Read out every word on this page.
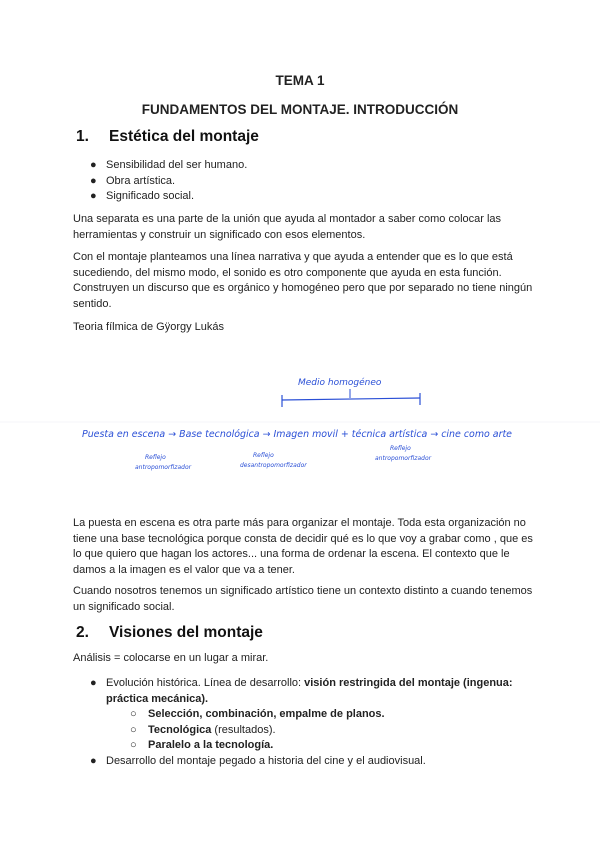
TEMA 1
FUNDAMENTOS DEL MONTAJE. INTRODUCCIÓN
1. Estética del montaje
● Sensibilidad del ser humano.
● Obra artística.
● Significado social.

Una separata es una parte de la unión que ayuda al montador a saber como colocar las herramientas y construir un significado con esos elementos.

Con el montaje planteamos una línea narrativa y que ayuda a entender que es lo que está sucediendo, del mismo modo, el sonido es otro componente que ayuda en esta función. Construyen un discurso que es orgánico y homogéneo pero que por separado no tiene ningún sentido.

Teoria fílmica de Gÿorgy Lukás

Medio homogéneo
Puesta en escena → Base tecnológica → Imagen movil + técnica artística → cine como arte
Reflejo
antropomorfizador
Reflejo
desantropomorfizador
Reflejo
antropomorfizador

La puesta en escena es otra parte más para organizar el montaje. Toda esta organización no tiene una base tecnológica porque consta de decidir qué es lo que voy a grabar como , que es lo que quiero que hagan los actores... una forma de ordenar la escena. El contexto que le damos a la imagen es el valor que va a tener.

Cuando nosotros tenemos un significado artístico tiene un contexto distinto a cuando tenemos un significado social.

2. Visiones del montaje

Análisis = colocarse en un lugar a mirar.

● Evolución histórica. Línea de desarrollo: visión restringida del montaje (ingenua: práctica mecánica).
○ Selección, combinación, empalme de planos.
○ Tecnológica (resultados).
○ Paralelo a la tecnología.
● Desarrollo del montaje pegado a historia del cine y el audiovisual.
